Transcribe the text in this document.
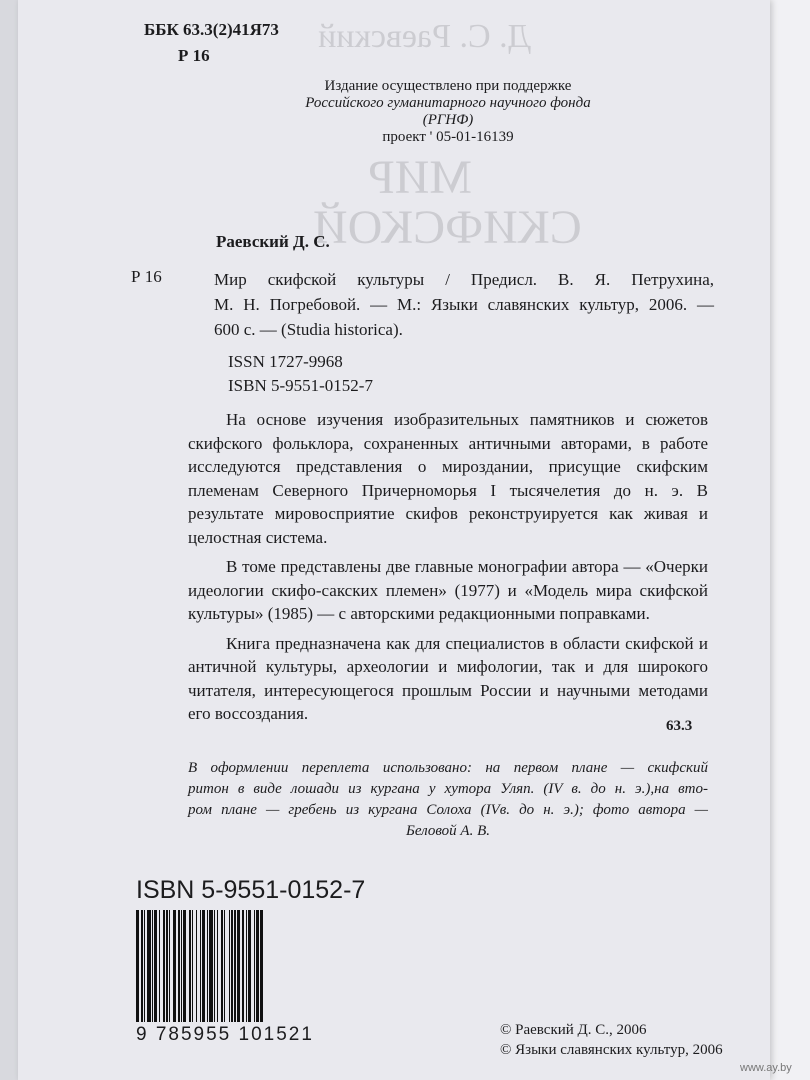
Д. С. Раевский
МИР
СКИФСКОЙ
ББК 63.3(2)41Я73
Р 16
Издание осуществлено при поддержке
Российского гуманитарного научного фонда
(РГНФ)
проект ' 05-01-16139
Раевский Д. С.
Р 16	Мир скифской культуры / Предисл. В. Я. Петрухина,
М. Н. Погребовой. — М.: Языки славянских культур, 2006. —
600 с. — (Studia historica).
ISSN 1727-9968
ISBN 5-9551-0152-7

На основе изучения изобразительных памятников и сюжетов скифского фольклора, сохраненных античными авторами, в работе исследуются представления о мироздании, присущие скифским племенам Северного Причерноморья I тысячелетия до н. э. В результате мировосприятие скифов реконструируется как живая и целостная система.

В томе представлены две главные монографии автора — «Очерки идеологии скифо-сакских племен» (1977) и «Модель мира скифской культуры» (1985) — с авторскими редакционными поправками.

Книга предназначена как для специалистов в области скифской и античной культуры, археологии и мифологии, так и для широкого читателя, интересующегося прошлым России и научными методами его воссоздания.

63.3
В оформлении переплета использовано: на первом плане — скифский
ритон в виде лошади из кургана у хутора Уляп. (IV в. до н. э.),на вто-
ром плане — гребень из кургана Солоха (IVв. до н. э.); фото автора —
Беловой А. В.
ISBN 5-9551-0152-7
9 785955 101521	© Раевский Д. С., 2006
© Языки славянских культур, 2006
www.ay.by
